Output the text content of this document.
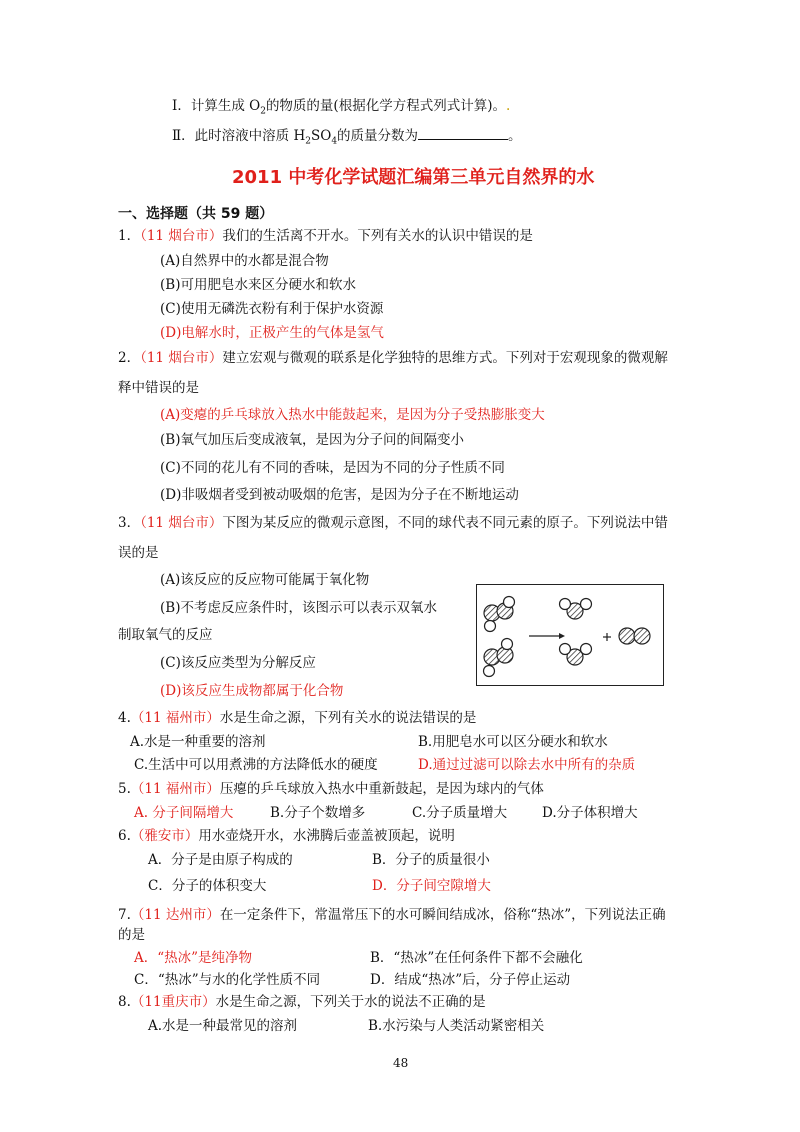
Ⅰ．计算生成 $O_2$的物质的量(根据化学方程式列式计算)。.
Ⅱ．此时溶液中溶质 $H_2SO_4$的质量分数为	。
2011 中考化学试题汇编第三单元自然界的水
一、选择题（共 59 题）
1．（11 烟台市）我们的生活离不开水。下列有关水的认识中错误的是
(A)自然界中的水都是混合物
(B)可用肥皂水来区分硬水和软水
(C)使用无磷洗衣粉有利于保护水资源
(D)电解水时，正极产生的气体是氢气
2．（11 烟台市）建立宏观与微观的联系是化学独特的思维方式。下列对于宏观现象的微观解
释中错误的是
(A)变瘪的乒乓球放入热水中能鼓起来，是因为分子受热膨胀变大
(B)氧气加压后变成液氧，是因为分子问的间隔变小
(C)不同的花儿有不同的香味，是因为不同的分子性质不同
(D)非吸烟者受到被动吸烟的危害，是因为分子在不断地运动
3．（11 烟台市）下图为某反应的微观示意图，不同的球代表不同元素的原子。下列说法中错
误的是
(A)该反应的反应物可能属于氧化物
(B)不考虑反应条件时，该图示可以表示双氧水
制取氧气的反应
(C)该反应类型为分解反应
(D)该反应生成物都属于化合物
4.（11 福州市）水是生命之源，下列有关水的说法错误的是
A.水是一种重要的溶剂	B.用肥皂水可以区分硬水和软水
C.生活中可以用煮沸的方法降低水的硬度	D.通过过滤可以除去水中所有的杂质
5.（11 福州市）压瘪的乒乓球放入热水中重新鼓起，是因为球内的气体
A. 分子间隔增大	B.分子个数增多	C.分子质量增大	D.分子体积增大
6.（雅安市）用水壶烧开水，水沸腾后壶盖被顶起，说明
A．分子是由原子构成的	B．分子的质量很小
C．分子的体积变大	D．分子间空隙增大
7.（11 达州市）在一定条件下，常温常压下的水可瞬间结成冰，俗称“热冰”，下列说法正确
的是
A．“热冰”是纯净物	B．“热冰”在任何条件下都不会融化
C．“热冰”与水的化学性质不同	D．结成“热冰”后，分子停止运动
8.（11重庆市）水是生命之源，下列关于水的说法不正确的是
A.水是一种最常见的溶剂	B.水污染与人类活动紧密相关
48
